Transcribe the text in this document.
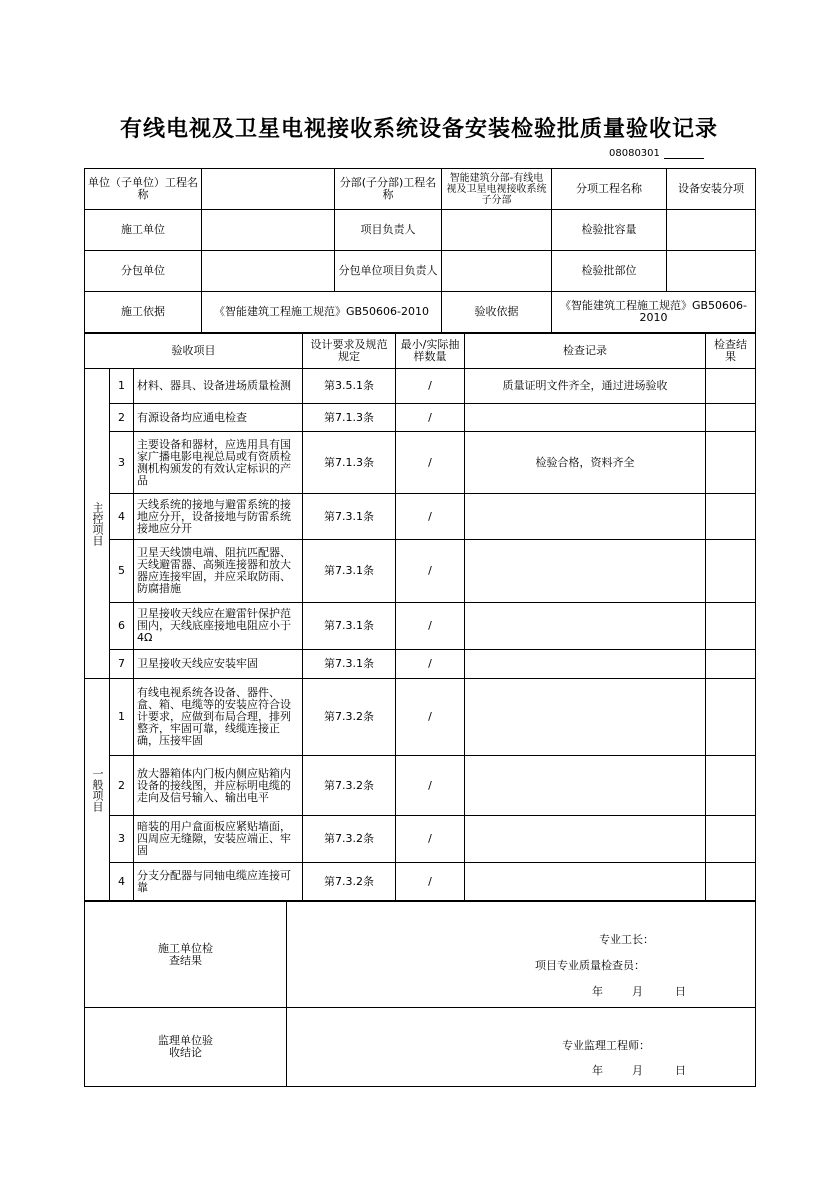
有线电视及卫星电视接收系统设备安装检验批质量验收记录
08080301
单位（子单位）工程名称		分部(子分部)工程名称	智能建筑分部-有线电视及卫星电视接收系统子分部	分项工程名称	设备安装分项
施工单位		项目负责人		检验批容量	
分包单位		分包单位项目负责人		检验批部位	
施工依据	《智能建筑工程施工规范》GB50606-2010		验收依据	《智能建筑工程施工规范》GB50606-2010	
验收项目			设计要求及规范规定	最小/实际抽样数量	检查记录	检查结果

主控项目	1	材料、器具、设备进场质量检测	第3.5.1条	/	质量证明文件齐全，通过进场验收	
	2	有源设备均应通电检查	第7.1.3条	/		
	3	主要设备和器材，应选用具有国家广播电影电视总局或有资质检测机构颁发的有效认定标识的产品	第7.1.3条	/	检验合格，资料齐全	
	4	天线系统的接地与避雷系统的接地应分开，设备接地与防雷系统接地应分开	第7.3.1条	/		
	5	卫星天线馈电端、阻抗匹配器、天线避雷器、高频连接器和放大器应连接牢固，并应采取防雨、防腐措施	第7.3.1条	/		
	6	卫星接收天线应在避雷针保护范围内，天线底座接地电阻应小于4Ω	第7.3.1条	/		
	7	卫星接收天线应安装牢固	第7.3.1条	/		

一般项目	1	有线电视系统各设备、器件、盒、箱、电缆等的安装应符合设计要求，应做到布局合理，排列整齐，牢固可靠，线缆连接正确，压接牢固	第7.3.2条	/		
	2	放大器箱体内门板内侧应贴箱内设备的接线图，并应标明电缆的走向及信号输入、输出电平	第7.3.2条	/		
	3	暗装的用户盒面板应紧贴墙面，四周应无缝隙，安装应端正、牢固	第7.3.2条	/		
	4	分支分配器与同轴电缆应连接可靠	第7.3.2条	/		
施工单位检查结果	专业工长：
项目专业质量检查员：
年 月 日

监理单位验收结论	专业监理工程师：
年 月 日
